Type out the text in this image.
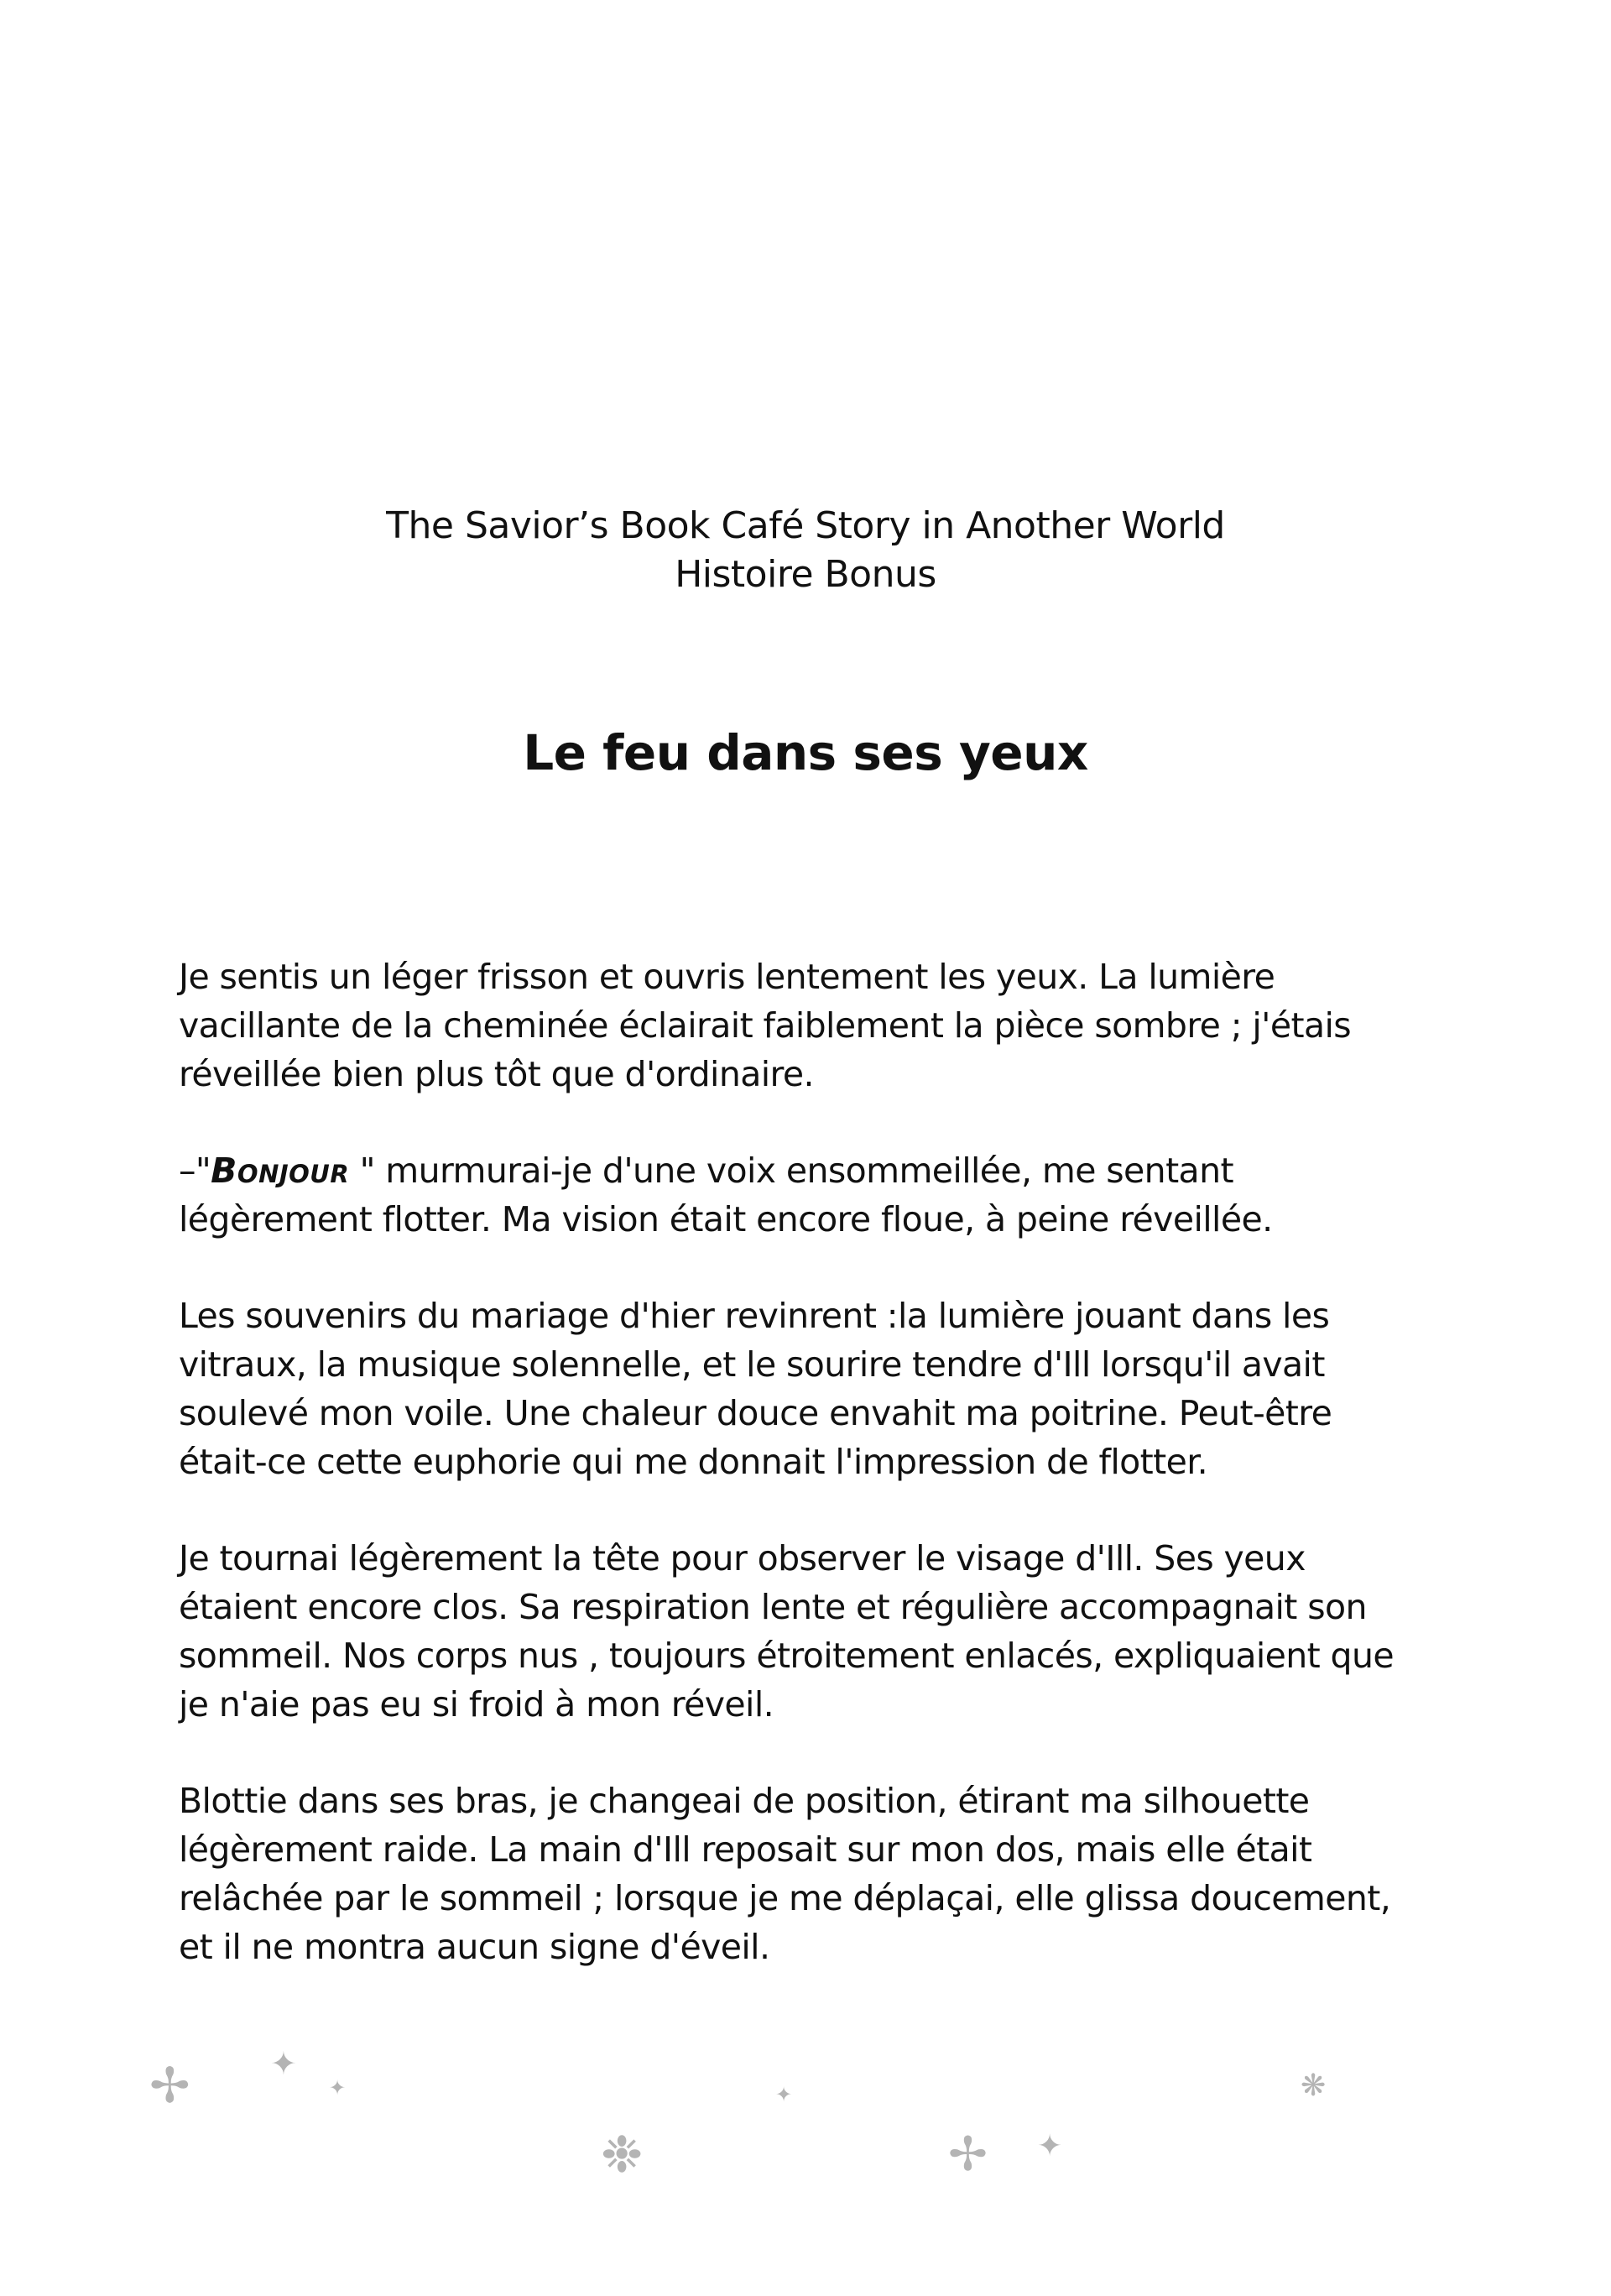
The Savior’s Book Café Story in Another World
Histoire Bonus
Le feu dans ses yeux

Je sentis un léger frisson et ouvris lentement les yeux. La lumière
vacillante de la cheminée éclairait faiblement la pièce sombre ; j'étais
réveillée bien plus tôt que d'ordinaire.

–"Bonjour " murmurai-je d'une voix ensommeillée, me sentant
légèrement flotter. Ma vision était encore floue, à peine réveillée.

Les souvenirs du mariage d'hier revinrent :la lumière jouant dans les
vitraux, la musique solennelle, et le sourire tendre d'Ill lorsqu'il avait
soulevé mon voile. Une chaleur douce envahit ma poitrine. Peut-être
était-ce cette euphorie qui me donnait l'impression de flotter.

Je tournai légèrement la tête pour observer le visage d'Ill. Ses yeux
étaient encore clos. Sa respiration lente et régulière accompagnait son
sommeil. Nos corps nus , toujours étroitement enlacés, expliquaient que
je n'aie pas eu si froid à mon réveil.

Blottie dans ses bras, je changeai de position, étirant ma silhouette
légèrement raide. La main d'Ill reposait sur mon dos, mais elle était
relâchée par le sommeil ; lorsque je me déplaçai, elle glissa doucement,
et il ne montra aucun signe d'éveil.

✢	✦
✦
❉
✦
✢ ✦
❋
